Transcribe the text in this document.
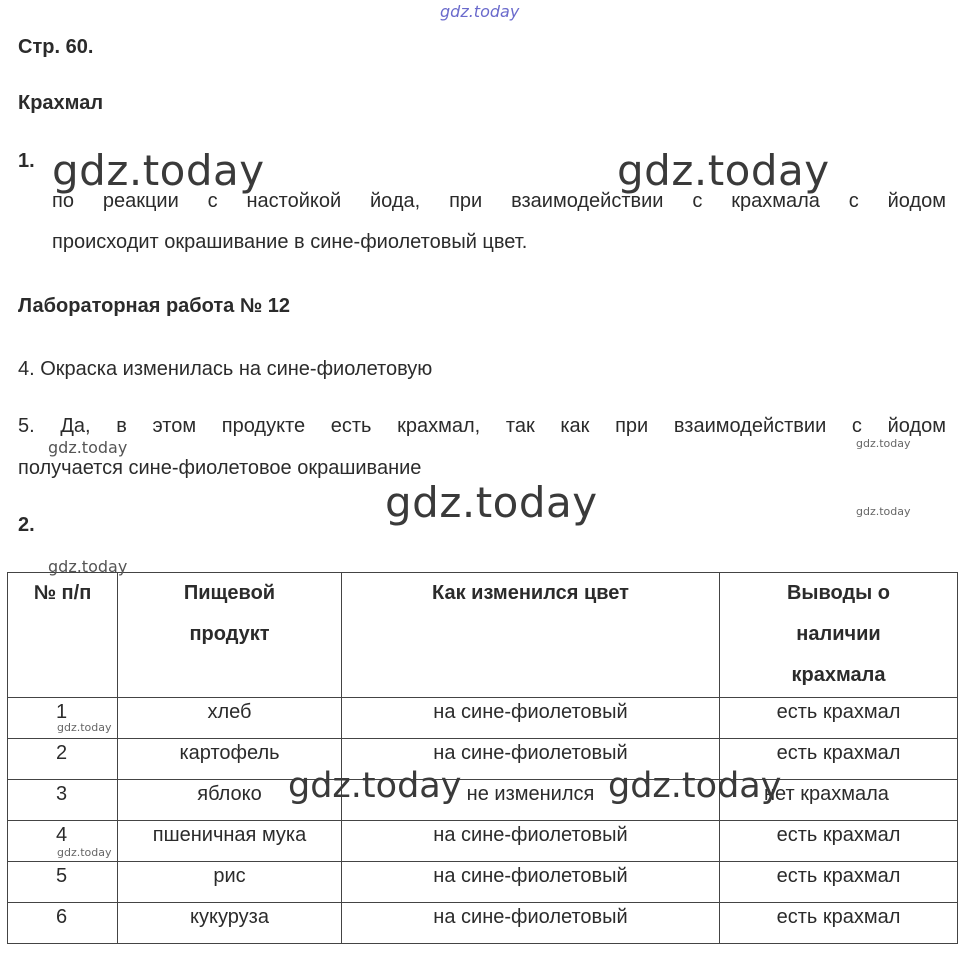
gdz.today
Стр. 60.
Крахмал
1.
по реакции с настойкой йода, при взаимодействии с крахмала с йодом
происходит окрашивание в сине-фиолетовый цвет.
Лабораторная работа № 12
4. Окраска изменилась на сине-фиолетовую
5. Да, в этом продукте есть крахмал, так как при взаимодействии с йодом
получается сине-фиолетовое окрашивание
2.
№ п/п	Пищевой продукт	Как изменился цвет	Выводы о наличии крахмала

1	хлеб	на сине-фиолетовый	есть крахмал
2	картофель	на сине-фиолетовый	есть крахмал
3	яблоко	не изменился	нет крахмала
4	пшеничная мука	на сине-фиолетовый	есть крахмал
5	рис	на сине-фиолетовый	есть крахмал
6	кукуруза	на сине-фиолетовый	есть крахмал
gdz.today	gdz.today
gdz.today	gdz.today
gdz.today	gdz.today
gdz.today
gdz.today
gdz.today	gdz.today
gdz.today
